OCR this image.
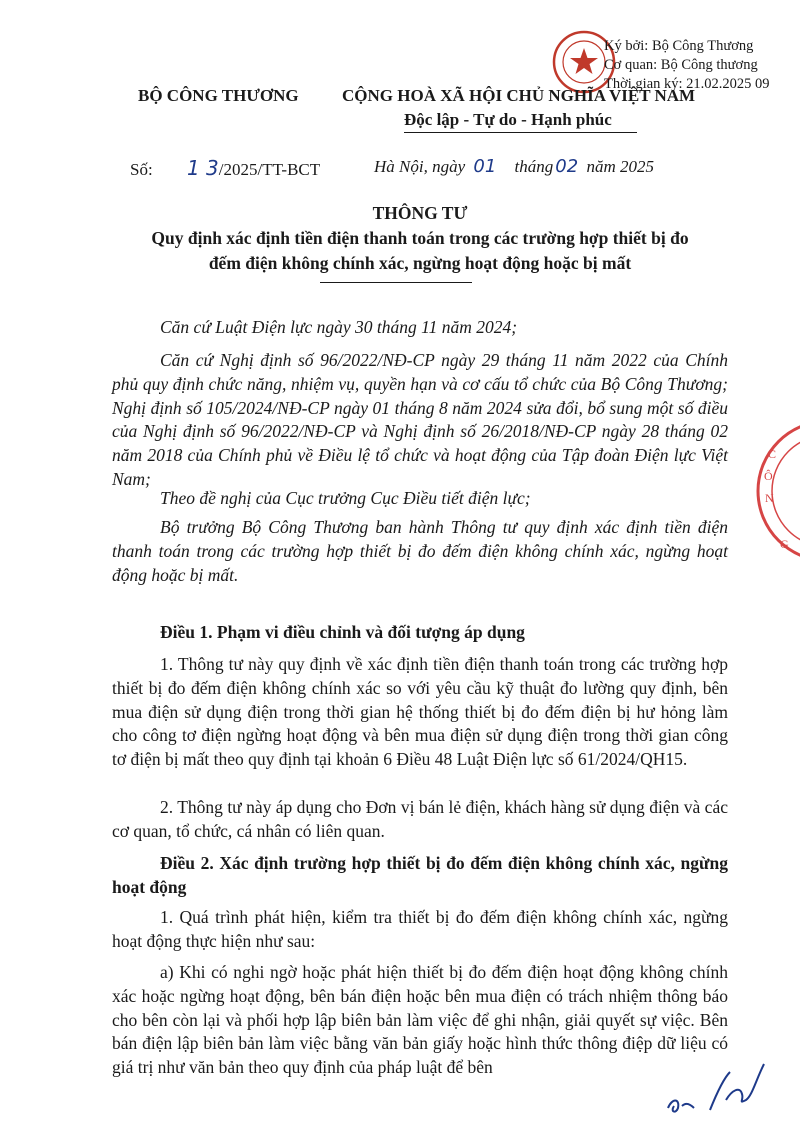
Ký bởi: Bộ Công Thương
Cơ quan: Bộ Công thương
Thời gian ký: 21.02.2025 09
C
Ô
N
G
BỘ CÔNG THƯƠNG	CỘNG HOÀ XÃ HỘI CHỦ NGHĨA VIỆT NAM
Độc lập - Tự do - Hạnh phúc
Số: 1 3/2025/TT-BCT	Hà Nội, ngày 01 tháng 02 năm 2025
THÔNG TƯ
Quy định xác định tiền điện thanh toán trong các trường hợp thiết bị đo
đếm điện không chính xác, ngừng hoạt động hoặc bị mất
Căn cứ Luật Điện lực ngày 30 tháng 11 năm 2024;
Căn cứ Nghị định số 96/2022/NĐ-CP ngày 29 tháng 11 năm 2022 của Chính phủ quy định chức năng, nhiệm vụ, quyền hạn và cơ cấu tổ chức của Bộ Công Thương; Nghị định số 105/2024/NĐ-CP ngày 01 tháng 8 năm 2024 sửa đổi, bổ sung một số điều của Nghị định số 96/2022/NĐ-CP và Nghị định số 26/2018/NĐ-CP ngày 28 tháng 02 năm 2018 của Chính phủ về Điều lệ tổ chức và hoạt động của Tập đoàn Điện lực Việt Nam;
Theo đề nghị của Cục trưởng Cục Điều tiết điện lực;
Bộ trưởng Bộ Công Thương ban hành Thông tư quy định xác định tiền điện thanh toán trong các trường hợp thiết bị đo đếm điện không chính xác, ngừng hoạt động hoặc bị mất.
Điều 1. Phạm vi điều chỉnh và đối tượng áp dụng
1. Thông tư này quy định về xác định tiền điện thanh toán trong các trường hợp thiết bị đo đếm điện không chính xác so với yêu cầu kỹ thuật đo lường quy định, bên mua điện sử dụng điện trong thời gian hệ thống thiết bị đo đếm điện bị hư hỏng làm cho công tơ điện ngừng hoạt động và bên mua điện sử dụng điện trong thời gian công tơ điện bị mất theo quy định tại khoản 6 Điều 48 Luật Điện lực số 61/2024/QH15.
2. Thông tư này áp dụng cho Đơn vị bán lẻ điện, khách hàng sử dụng điện và các cơ quan, tổ chức, cá nhân có liên quan.
Điều 2. Xác định trường hợp thiết bị đo đếm điện không chính xác, ngừng hoạt động
1. Quá trình phát hiện, kiểm tra thiết bị đo đếm điện không chính xác, ngừng hoạt động thực hiện như sau:
a) Khi có nghi ngờ hoặc phát hiện thiết bị đo đếm điện hoạt động không chính xác hoặc ngừng hoạt động, bên bán điện hoặc bên mua điện có trách nhiệm thông báo cho bên còn lại và phối hợp lập biên bản làm việc để ghi nhận, giải quyết sự việc. Bên bán điện lập biên bản làm việc bằng văn bản giấy hoặc hình thức thông điệp dữ liệu có giá trị như văn bản theo quy định của pháp luật để bên
